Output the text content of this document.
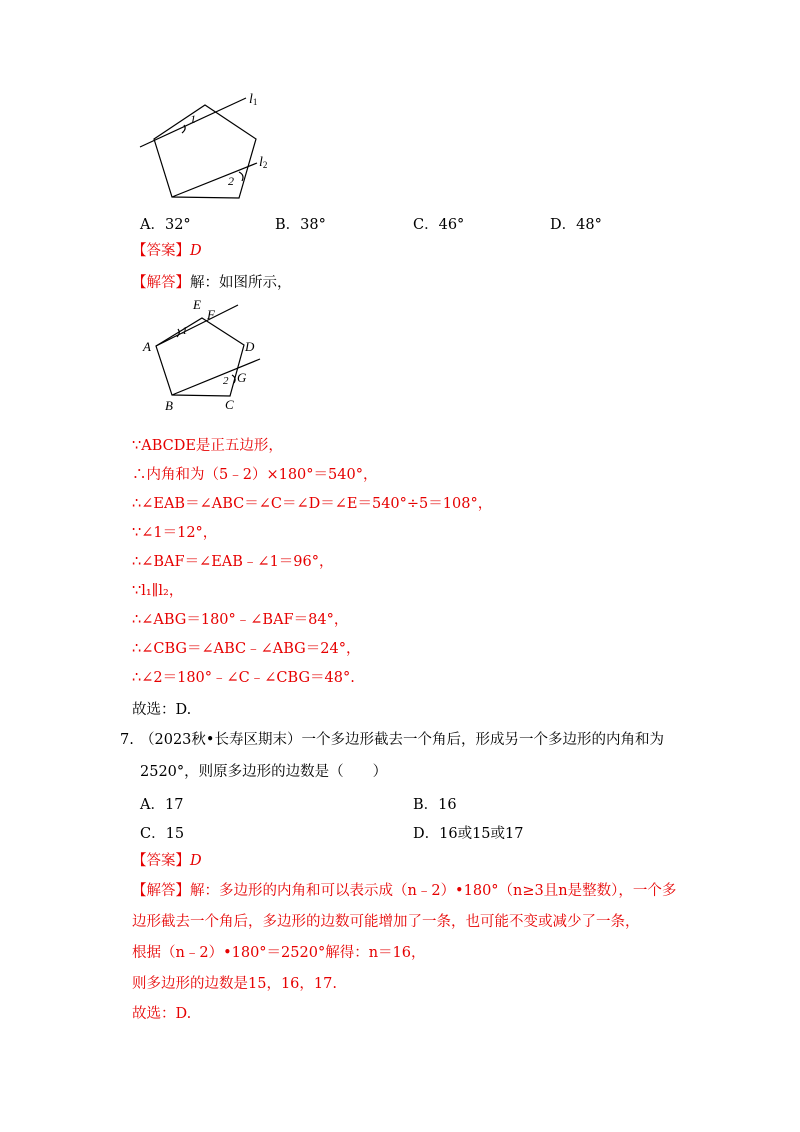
l1
l2
1
2
A．32°	B．38°	C．46°	D．48°
【答案】D
【解答】解：如图所示，
A
B	C
D
E
F
G
1
2
∵ABCDE是正五边形，
∴内角和为（5﹣2）×180°＝540°，
∴∠EAB＝∠ABC＝∠C＝∠D＝∠E＝540°÷5＝108°，
∵∠1＝12°，
∴∠BAF＝∠EAB﹣∠1＝96°，
∵l₁∥l₂，
∴∠ABG＝180°﹣∠BAF＝84°，
∴∠CBG＝∠ABC﹣∠ABG＝24°，
∴∠2＝180°﹣∠C﹣∠CBG＝48°.
故选：D.
7. （2023秋•长寿区期末）一个多边形截去一个角后，形成另一个多边形的内角和为
2520°，则原多边形的边数是（　　）
A．17	B．16
C．15	D．16或15或17
【答案】D
【解答】解：多边形的内角和可以表示成（n﹣2）•180°（n≥3且n是整数），一个多
边形截去一个角后，多边形的边数可能增加了一条，也可能不变或减少了一条，
根据（n﹣2）•180°＝2520°解得：n＝16，
则多边形的边数是15，16，17.
故选：D.
